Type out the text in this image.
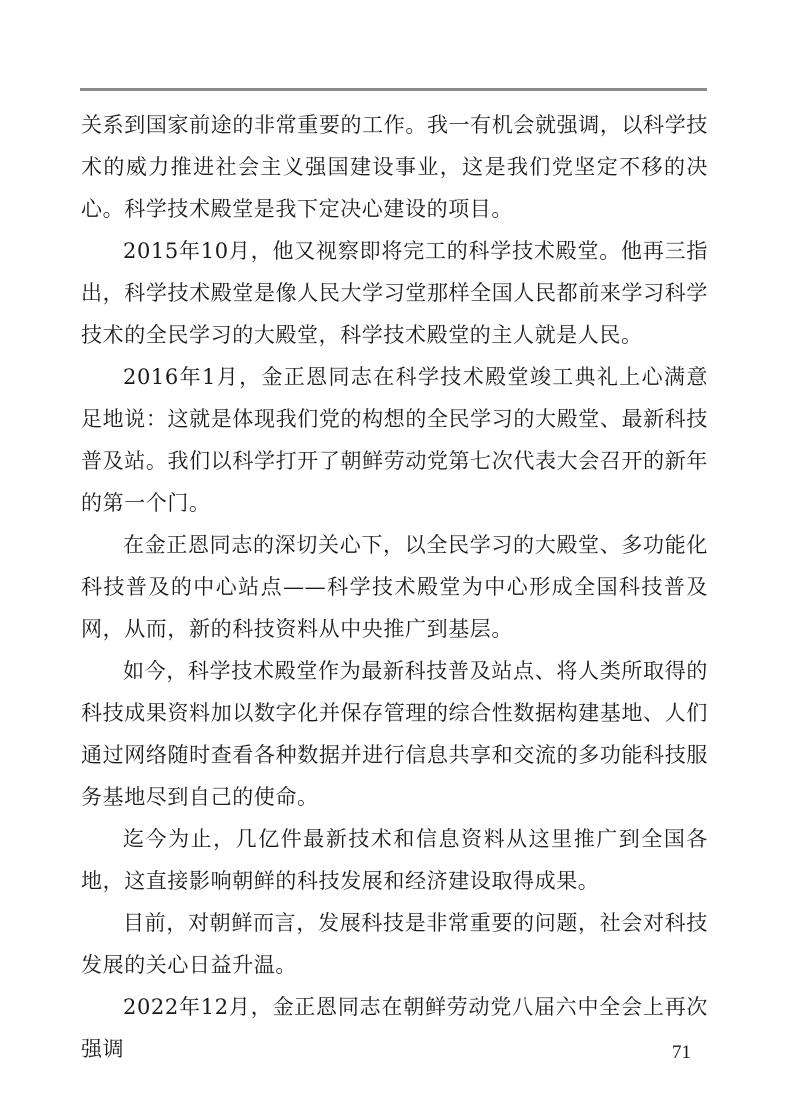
关系到国家前途的非常重要的工作。我一有机会就强调，以科学技术的威力推进社会主义强国建设事业，这是我们党坚定不移的决心。科学技术殿堂是我下定决心建设的项目。

2015年10月，他又视察即将完工的科学技术殿堂。他再三指出，科学技术殿堂是像人民大学习堂那样全国人民都前来学习科学技术的全民学习的大殿堂，科学技术殿堂的主人就是人民。

2016年1月，金正恩同志在科学技术殿堂竣工典礼上心满意足地说：这就是体现我们党的构想的全民学习的大殿堂、最新科技普及站。我们以科学打开了朝鲜劳动党第七次代表大会召开的新年的第一个门。

在金正恩同志的深切关心下，以全民学习的大殿堂、多功能化科技普及的中心站点——科学技术殿堂为中心形成全国科技普及网，从而，新的科技资料从中央推广到基层。

如今，科学技术殿堂作为最新科技普及站点、将人类所取得的科技成果资料加以数字化并保存管理的综合性数据构建基地、人们通过网络随时查看各种数据并进行信息共享和交流的多功能科技服务基地尽到自己的使命。

迄今为止，几亿件最新技术和信息资料从这里推广到全国各地，这直接影响朝鲜的科技发展和经济建设取得成果。

目前，对朝鲜而言，发展科技是非常重要的问题，社会对科技发展的关心日益升温。

2022年12月，金正恩同志在朝鲜劳动党八届六中全会上再次强调	71
